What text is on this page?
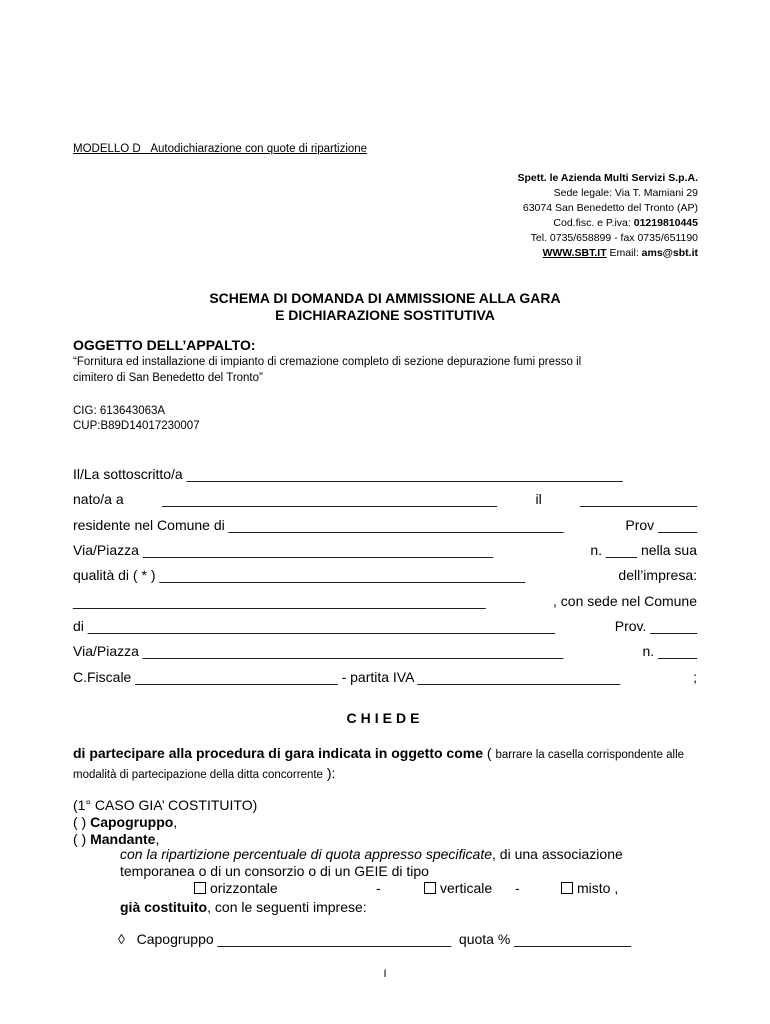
MODELLO D Autodichiarazione con quote di ripartizione
Spett. le Azienda Multi Servizi S.p.A.
Sede legale: Via T. Mamiani 29
63074 San Benedetto del Tronto (AP)
Cod.fisc. e P.iva: 01219810445
Tel. 0735/658899 - fax 0735/651190
WWW.SBT.IT Email: ams@sbt.it
SCHEMA DI DOMANDA DI AMMISSIONE ALLA GARA
E DICHIARAZIONE SOSTITUTIVA
OGGETTO DELL’APPALTO:
“Fornitura ed installazione di impianto di cremazione completo di sezione depurazione fumi presso il
cimitero di San Benedetto del Tronto”
CIG: 613643063A
CUP:B89D14017230007
Il/La sottoscritto/a ________________________________________________________
nato/a a	___________________________________________	il	_______________
residente nel Comune di ___________________________________________	Prov _____
Via/Piazza _____________________________________________	n. ____ nella sua
qualità di ( * ) _______________________________________________	dell’impresa:
_____________________________________________________	, con sede nel Comune
di ____________________________________________________________	Prov. ______
Via/Piazza ______________________________________________________	n. _____
C.Fiscale __________________________ - partita IVA __________________________	;
CHIEDE
di partecipare alla procedura di gara indicata in oggetto come ( barrare la casella corrispondente alle modalità di partecipazione della ditta concorrente ):
(1° CASO GIA’ COSTITUITO)
( ) Capogruppo,
( ) Mandante,
con la ripartizione percentuale di quota appresso specificate, di una associazione temporanea o di un consorzio o di un GEIE di tipo
orizzontale	-	verticale -	misto ,
già costituito, con le seguenti imprese:
◊ Capogruppo ______________________________ quota % _______________
I
